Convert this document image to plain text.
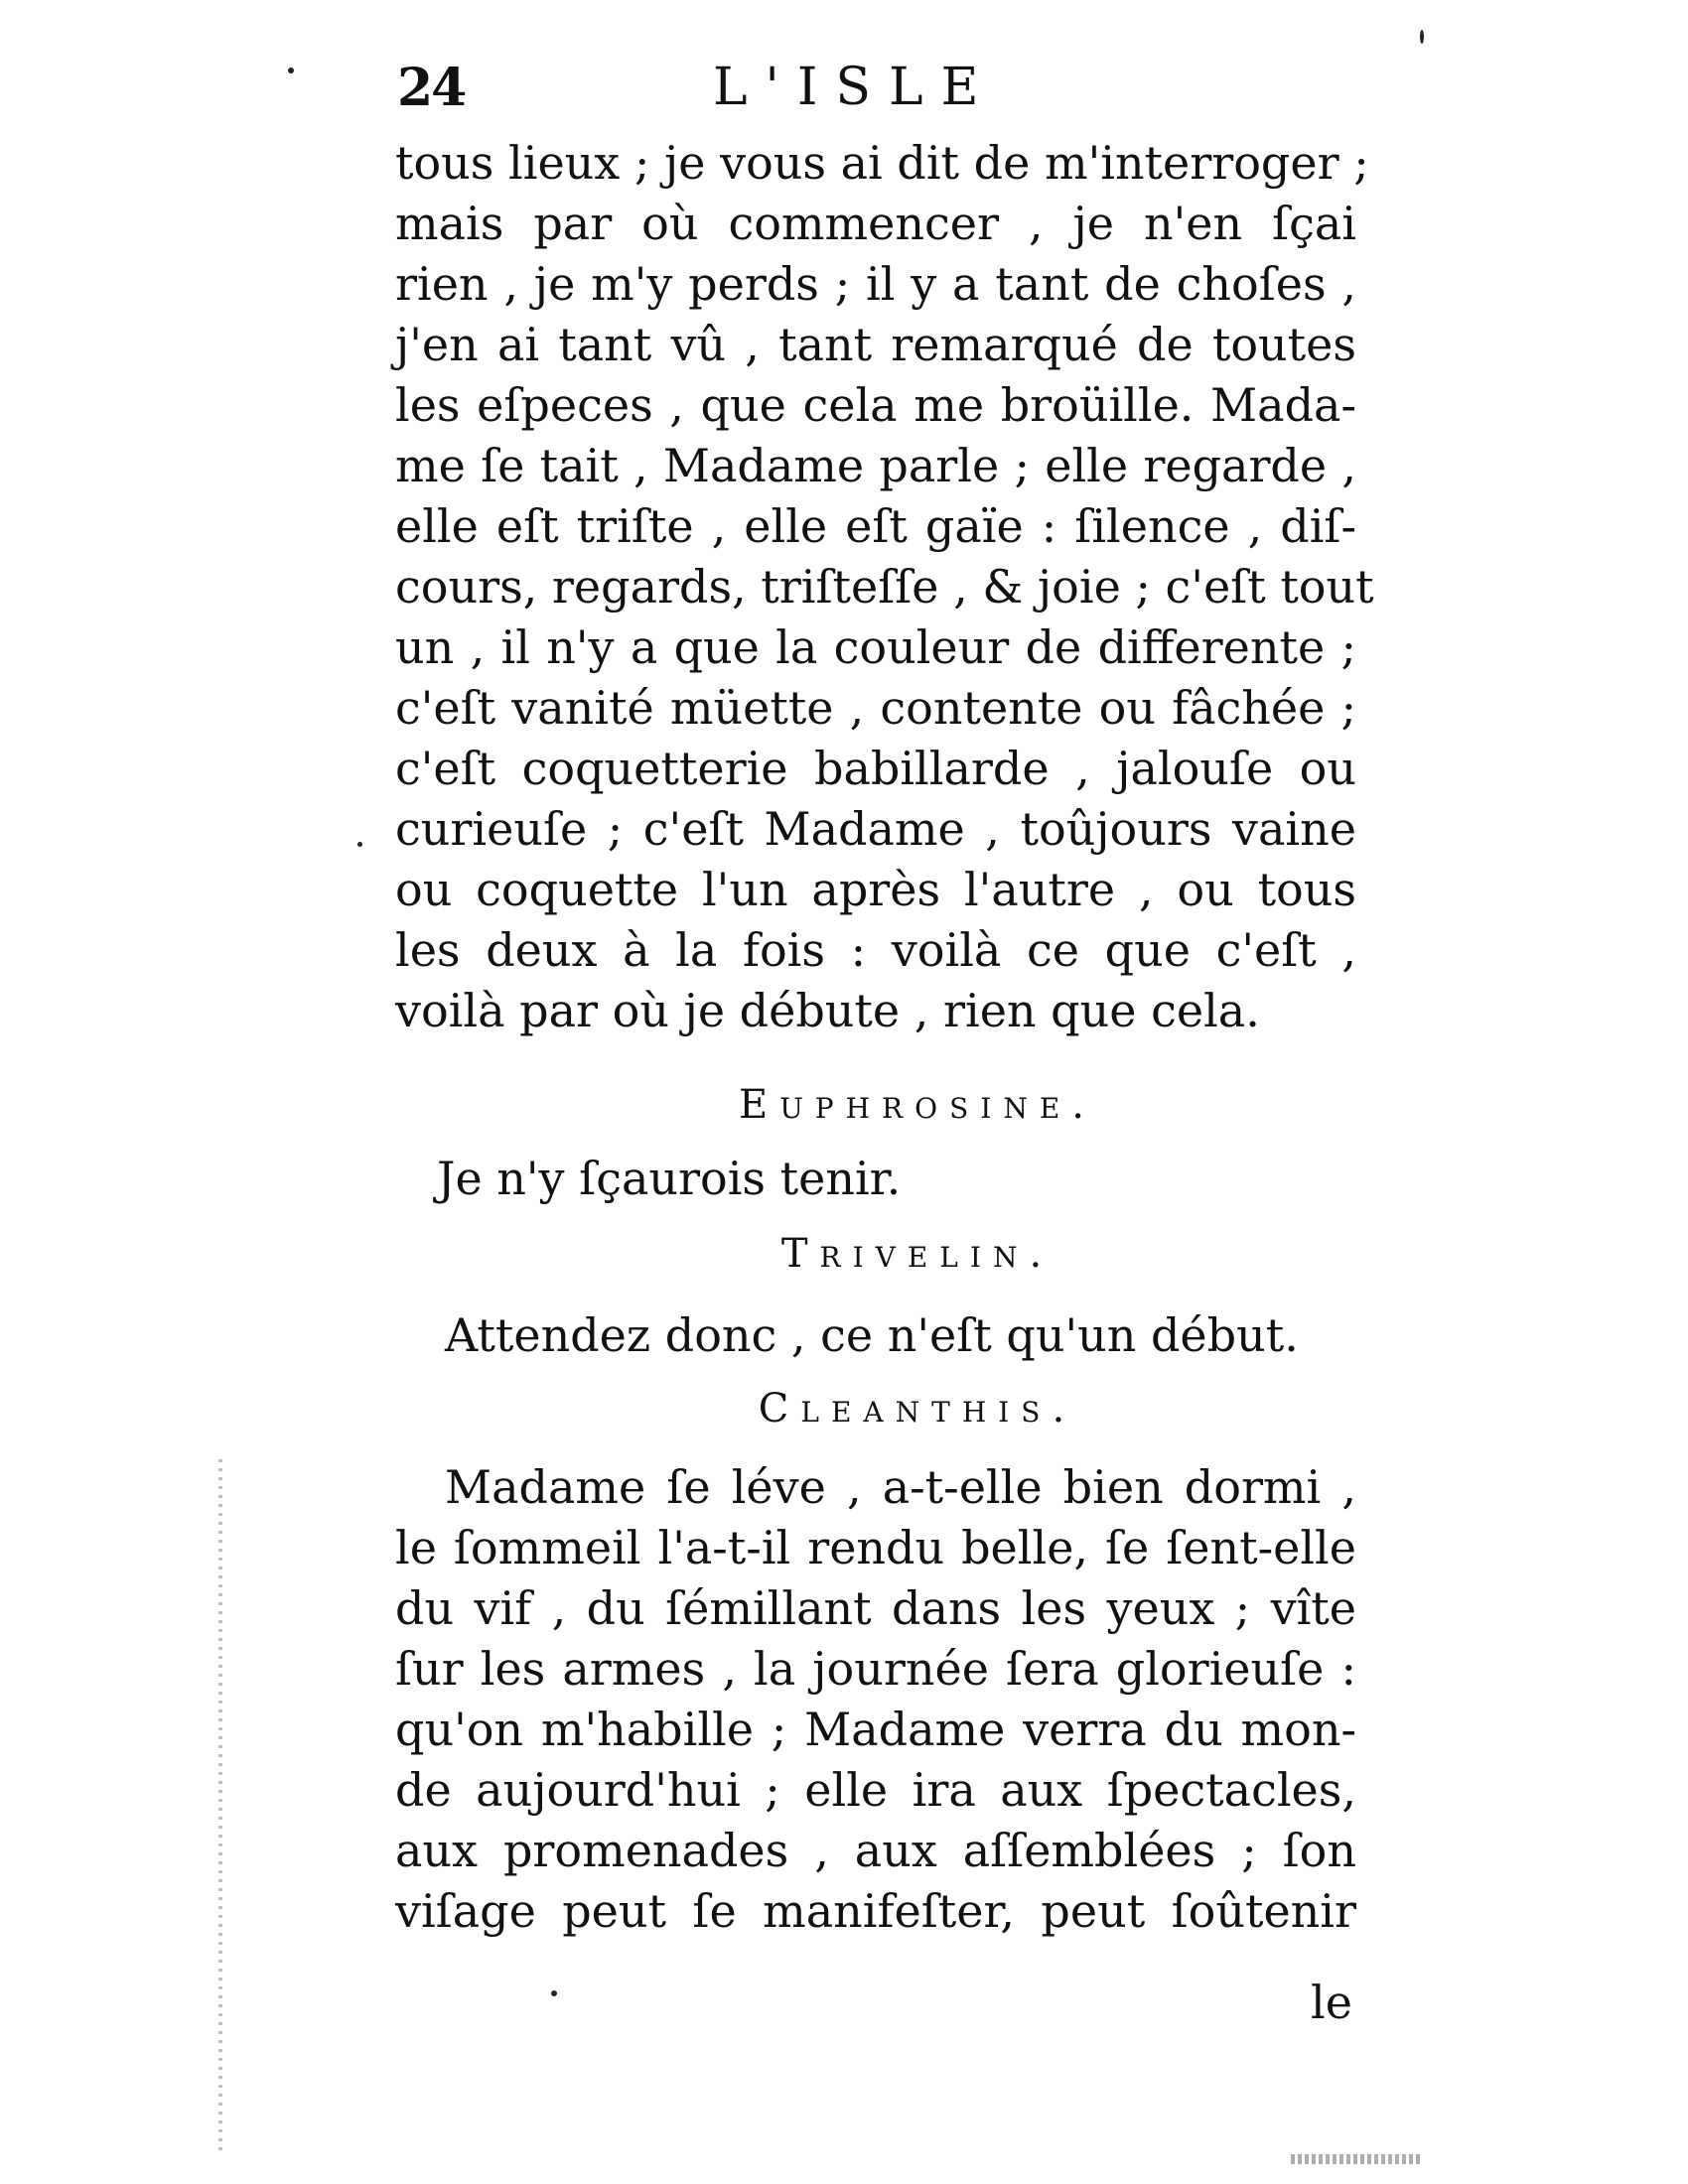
24	L'ISLE
tous lieux ; je vous ai dit de m'interroger ;
mais par où commencer , je n'en ſçai
rien , je m'y perds ; il y a tant de choſes ,
j'en ai tant vû , tant remarqué de toutes
les eſpeces , que cela me broüille. Mada-
me ſe tait , Madame parle ; elle regarde ,
elle eſt triſte , elle eſt gaïe : ſilence , diſ-
cours, regards, triſteſſe , & joie ; c'eſt tout
un , il n'y a que la couleur de differente ;
c'eſt vanité müette , contente ou fâchée ;
c'eſt coquetterie babillarde , jalouſe ou
curieuſe ; c'eſt Madame , toûjours vaine
ou coquette l'un après l'autre , ou tous
les deux à la fois : voilà ce que c'eſt ,
voilà par où je débute , rien que cela.
Euphrosine.
Je n'y ſçaurois tenir.
Trivelin.
Attendez donc , ce n'eſt qu'un début.
Cleanthis.
Madame ſe léve , a-t-elle bien dormi ,
le ſommeil l'a-t-il rendu belle, ſe ſent-elle
du vif , du ſémillant dans les yeux ; vîte
ſur les armes , la journée ſera glorieuſe :
qu'on m'habille ; Madame verra du mon-
de aujourd'hui ; elle ira aux ſpectacles,
aux promenades , aux aſſemblées ; ſon
viſage peut ſe manifeſter, peut ſoûtenir
le
